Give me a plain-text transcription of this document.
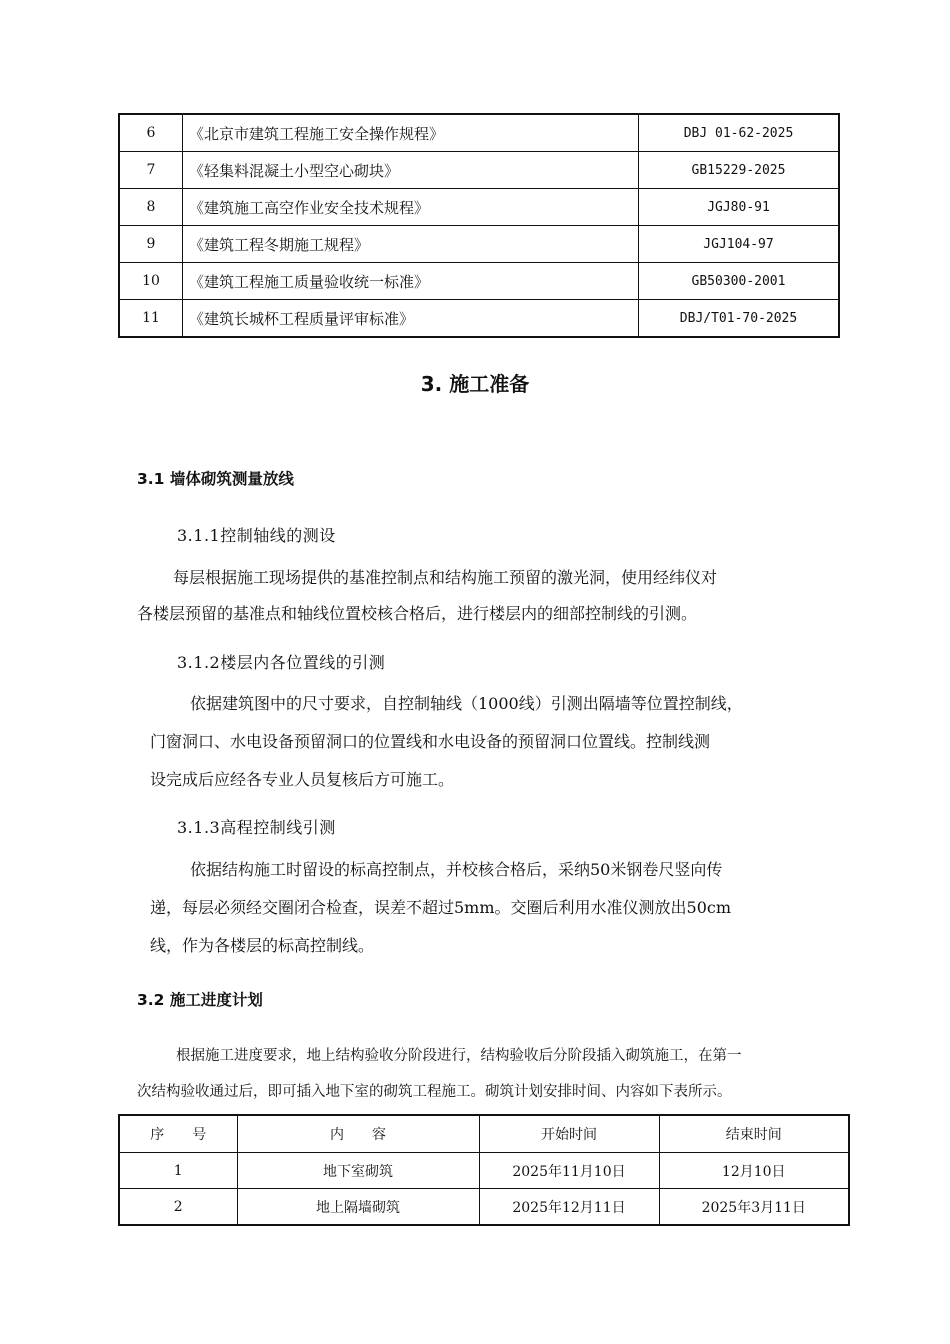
6	《北京市建筑工程施工安全操作规程》	DBJ 01-62-2025
7	《轻集料混凝土小型空心砌块》	GB15229-2025
8	《建筑施工高空作业安全技术规程》	JGJ80-91
9	《建筑工程冬期施工规程》	JGJ104-97
10	《建筑工程施工质量验收统一标准》	GB50300-2001
11	《建筑长城杯工程质量评审标准》	DBJ/T01-70-2025
3. 施工准备
3.1 墙体砌筑测量放线
3.1.1控制轴线的测设
每层根据施工现场提供的基准控制点和结构施工预留的激光洞，使用经纬仪对
各楼层预留的基准点和轴线位置校核合格后，进行楼层内的细部控制线的引测。
3.1.2楼层内各位置线的引测
依据建筑图中的尺寸要求，自控制轴线（1000线）引测出隔墙等位置控制线，
门窗洞口、水电设备预留洞口的位置线和水电设备的预留洞口位置线。控制线测
设完成后应经各专业人员复核后方可施工。
3.1.3高程控制线引测
依据结构施工时留设的标高控制点，并校核合格后，采纳50米钢卷尺竖向传
递，每层必须经交圈闭合检查，误差不超过5mm。交圈后利用水准仪测放出50cm
线，作为各楼层的标高控制线。
3.2 施工进度计划
根据施工进度要求，地上结构验收分阶段进行，结构验收后分阶段插入砌筑施工，在第一
次结构验收通过后，即可插入地下室的砌筑工程施工。砌筑计划安排时间、内容如下表所示。
序　　号	内　　容	开始时间	结束时间
1	地下室砌筑	2025年11月10日	12月10日
2	地上隔墙砌筑	2025年12月11日	2025年3月11日
